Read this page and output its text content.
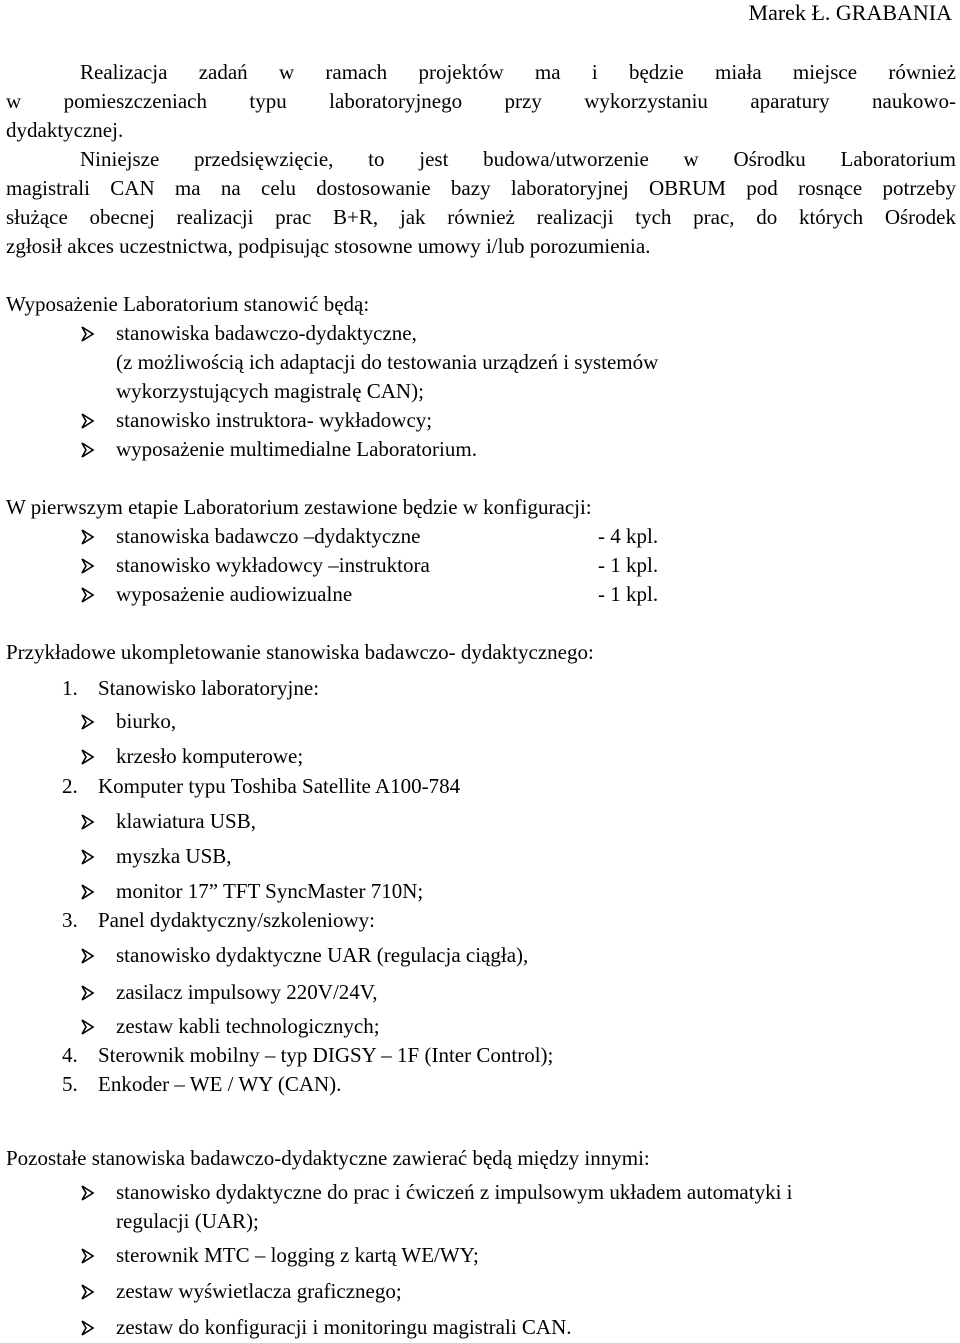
Marek Ł. GRABANIA
Realizacja zadań w ramach projektów ma i będzie miała miejsce również
w pomieszczeniach typu laboratoryjnego przy wykorzystaniu aparatury naukowo-
dydaktycznej.
Niniejsze przedsięwzięcie, to jest budowa/utworzenie w Ośrodku Laboratorium
magistrali CAN ma na celu dostosowanie bazy laboratoryjnej OBRUM pod rosnące potrzeby
służące obecnej realizacji prac B+R, jak również realizacji tych prac, do których Ośrodek
zgłosił akces uczestnictwa, podpisując stosowne umowy i/lub porozumienia.
Wyposażenie Laboratorium stanowić będą:
stanowiska badawczo-dydaktyczne,
(z możliwością ich adaptacji do testowania urządzeń i systemów
wykorzystujących magistralę CAN);
stanowisko instruktora- wykładowcy;
wyposażenie multimedialne Laboratorium.
W pierwszym etapie Laboratorium zestawione będzie w konfiguracji:
stanowiska badawczo –dydaktyczne	- 4 kpl.
stanowisko wykładowcy –instruktora	- 1 kpl.
wyposażenie audiowizualne	- 1 kpl.
Przykładowe ukompletowanie stanowiska badawczo- dydaktycznego:
1. Stanowisko laboratoryjne:
biurko,
krzesło komputerowe;
2. Komputer typu Toshiba Satellite A100-784
klawiatura USB,
myszka USB,
monitor 17” TFT SyncMaster 710N;
3. Panel dydaktyczny/szkoleniowy:
stanowisko dydaktyczne UAR (regulacja ciągła),
zasilacz impulsowy 220V/24V,
zestaw kabli technologicznych;
4. Sterownik mobilny – typ DIGSY – 1F (Inter Control);
5. Enkoder – WE / WY (CAN).
Pozostałe stanowiska badawczo-dydaktyczne zawierać będą między innymi:
stanowisko dydaktyczne do prac i ćwiczeń z impulsowym układem automatyki i
regulacji (UAR);
sterownik MTC – logging z kartą WE/WY;
zestaw wyświetlacza graficznego;
zestaw do konfiguracji i monitoringu magistrali CAN.
